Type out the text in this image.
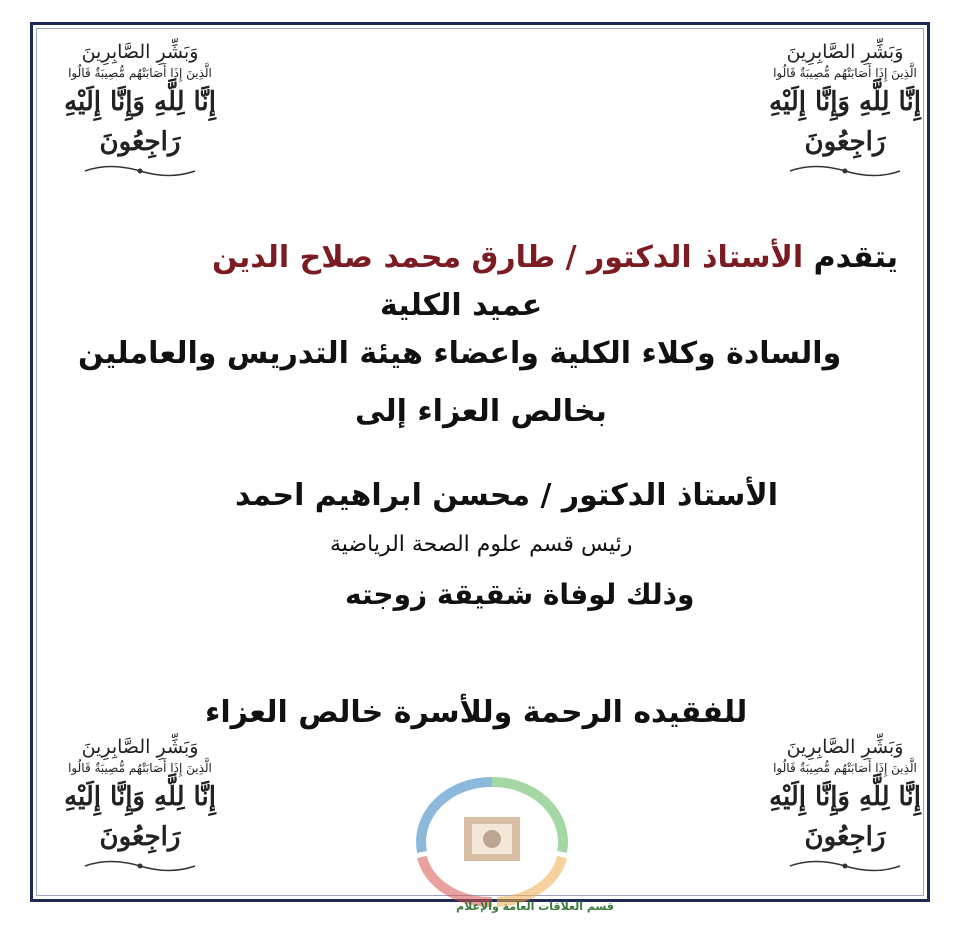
وَبَشِّرِ الصَّابِرِينَ
الَّذِينَ إِذَا أَصَابَتْهُم مُّصِيبَةٌ قَالُوا
إِنَّا لِلَّهِ وَإِنَّا إِلَيْهِ رَاجِعُونَ
وَبَشِّرِ الصَّابِرِينَ
الَّذِينَ إِذَا أَصَابَتْهُم مُّصِيبَةٌ قَالُوا
إِنَّا لِلَّهِ وَإِنَّا إِلَيْهِ رَاجِعُونَ
وَبَشِّرِ الصَّابِرِينَ
الَّذِينَ إِذَا أَصَابَتْهُم مُّصِيبَةٌ قَالُوا
إِنَّا لِلَّهِ وَإِنَّا إِلَيْهِ رَاجِعُونَ
وَبَشِّرِ الصَّابِرِينَ
الَّذِينَ إِذَا أَصَابَتْهُم مُّصِيبَةٌ قَالُوا
إِنَّا لِلَّهِ وَإِنَّا إِلَيْهِ رَاجِعُونَ
يتقدم الأستاذ الدكتور / طارق محمد صلاح الدين
عميد الكلية
والسادة وكلاء الكلية واعضاء هيئة التدريس والعاملين
بخالص العزاء إلى
الأستاذ الدكتور / محسن ابراهيم احمد
رئيس قسم علوم الصحة الرياضية
وذلك لوفاة شقيقة زوجته
للفقيده الرحمة وللأسرة خالص العزاء
قسم العلاقات العامة والإعلام
